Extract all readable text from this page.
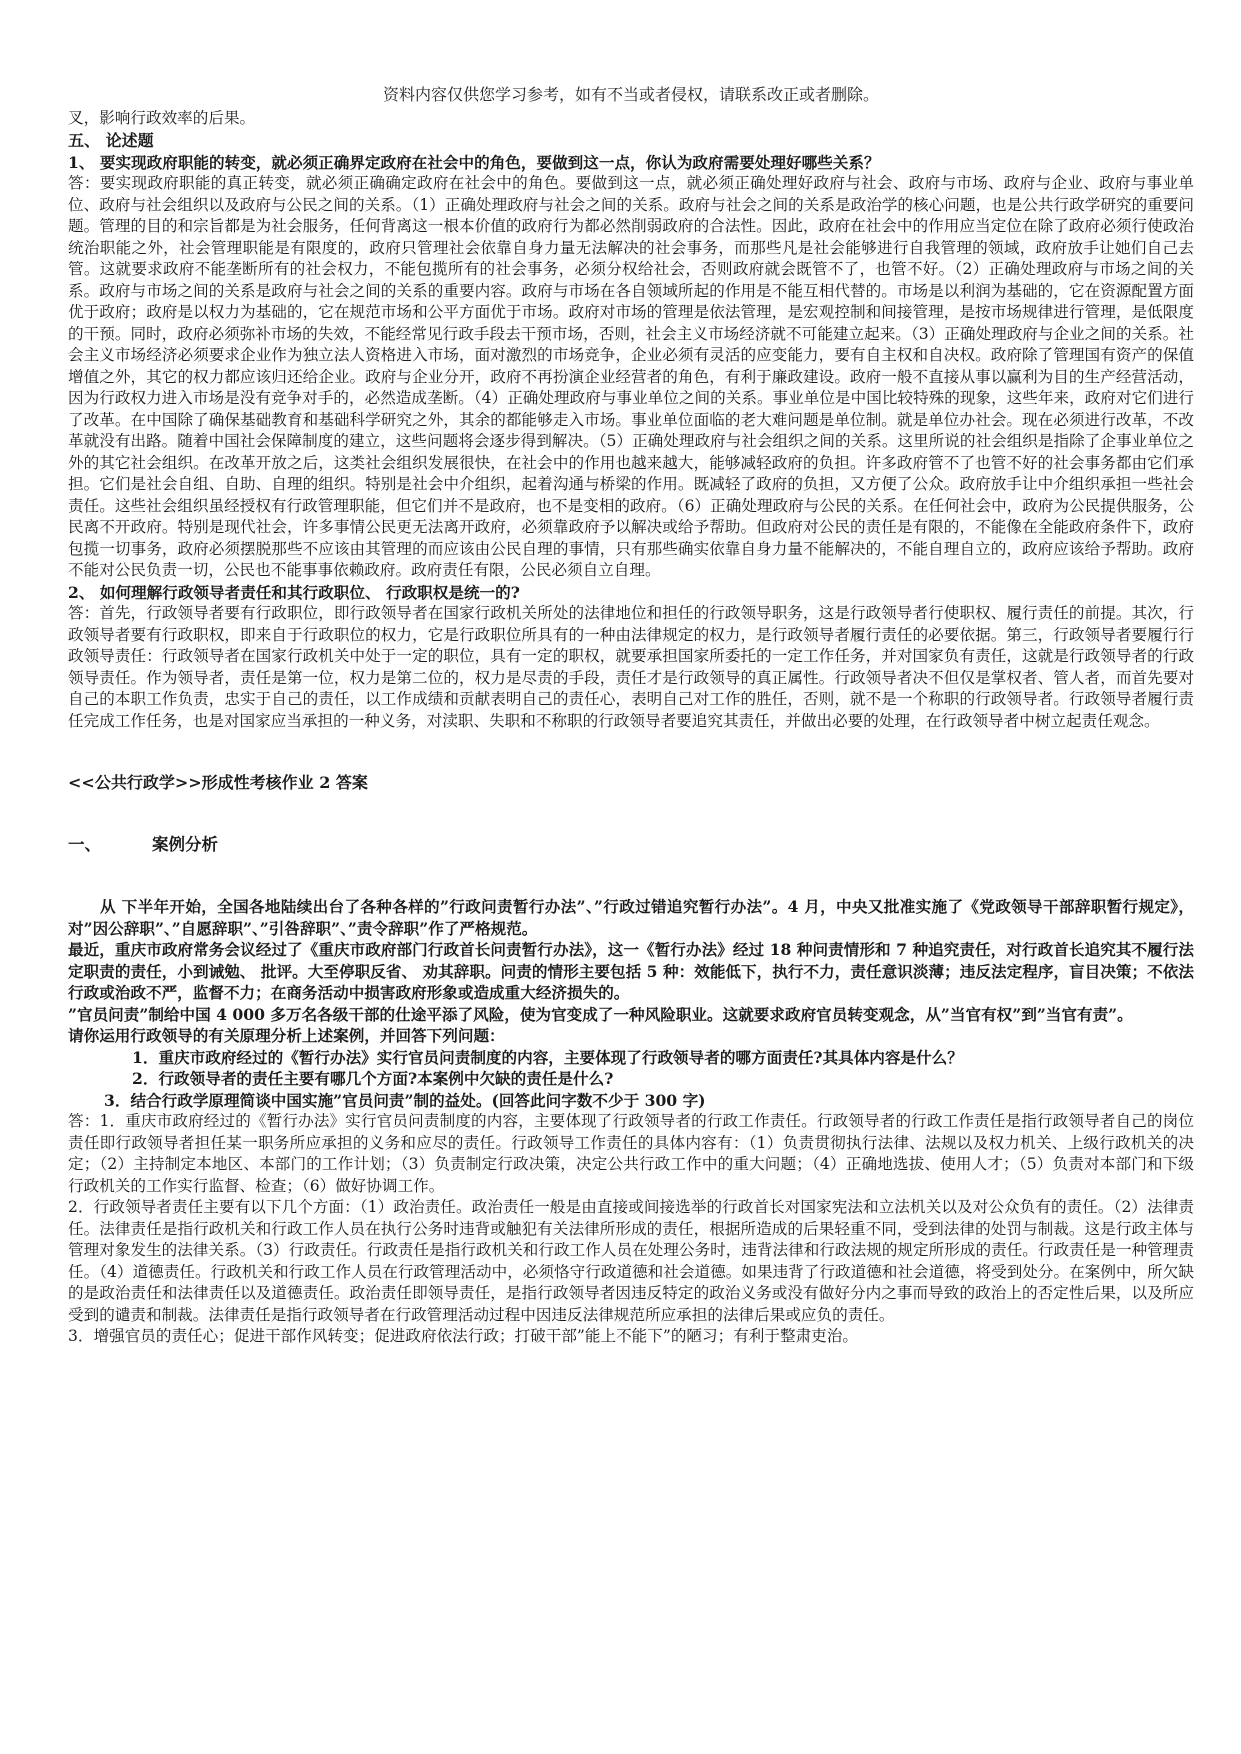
资料内容仅供您学习参考，如有不当或者侵权，请联系改正或者删除。

叉，影响行政效率的后果。

五、 论述题

1、 要实现政府职能的转变，就必须正确界定政府在社会中的角色，要做到这一点，你认为政府需要处理好哪些关系？

答：要实现政府职能的真正转变，就必须正确确定政府在社会中的角色。要做到这一点，就必须正确处理好政府与社会、政府与市场、政府与企业、政府与事业单位、政府与社会组织以及政府与公民之间的关系。（1）正确处理政府与社会之间的关系。政府与社会之间的关系是政治学的核心问题，也是公共行政学研究的重要问题。管理的目的和宗旨都是为社会服务，任何背离这一根本价值的政府行为都必然削弱政府的合法性。因此，政府在社会中的作用应当定位在除了政府必须行使政治统治职能之外，社会管理职能是有限度的，政府只管理社会依靠自身力量无法解决的社会事务，而那些凡是社会能够进行自我管理的领域，政府放手让她们自己去管。这就要求政府不能垄断所有的社会权力，不能包揽所有的社会事务，必须分权给社会，否则政府就会既管不了，也管不好。（2）正确处理政府与市场之间的关系。政府与市场之间的关系是政府与社会之间的关系的重要内容。政府与市场在各自领域所起的作用是不能互相代替的。市场是以利润为基础的，它在资源配置方面优于政府；政府是以权力为基础的，它在规范市场和公平方面优于市场。政府对市场的管理是依法管理，是宏观控制和间接管理，是按市场规律进行管理，是低限度的干预。同时，政府必须弥补市场的失效，不能经常见行政手段去干预市场，否则，社会主义市场经济就不可能建立起来。（3）正确处理政府与企业之间的关系。社会主义市场经济必须要求企业作为独立法人资格进入市场，面对激烈的市场竞争，企业必须有灵活的应变能力，要有自主权和自决权。政府除了管理国有资产的保值增值之外，其它的权力都应该归还给企业。政府与企业分开，政府不再扮演企业经营者的角色，有利于廉政建设。政府一般不直接从事以赢利为目的生产经营活动，因为行政权力进入市场是没有竞争对手的，必然造成垄断。（4）正确处理政府与事业单位之间的关系。事业单位是中国比较特殊的现象，这些年来，政府对它们进行了改革。在中国除了确保基础教育和基础科学研究之外，其余的都能够走入市场。事业单位面临的老大难问题是单位制。就是单位办社会。现在必须进行改革，不改革就没有出路。随着中国社会保障制度的建立，这些问题将会逐步得到解决。（5）正确处理政府与社会组织之间的关系。这里所说的社会组织是指除了企事业单位之外的其它社会组织。在改革开放之后，这类社会组织发展很快，在社会中的作用也越来越大，能够减轻政府的负担。许多政府管不了也管不好的社会事务都由它们承担。它们是社会自组、自助、自理的组织。特别是社会中介组织，起着沟通与桥梁的作用。既减轻了政府的负担，又方便了公众。政府放手让中介组织承担一些社会责任。这些社会组织虽经授权有行政管理职能，但它们并不是政府，也不是变相的政府。（6）正确处理政府与公民的关系。在任何社会中，政府为公民提供服务，公民离不开政府。特别是现代社会，许多事情公民更无法离开政府，必须靠政府予以解决或给予帮助。但政府对公民的责任是有限的，不能像在全能政府条件下，政府包揽一切事务，政府必须摆脱那些不应该由其管理的而应该由公民自理的事情，只有那些确实依靠自身力量不能解决的，不能自理自立的，政府应该给予帮助。政府不能对公民负责一切，公民也不能事事依赖政府。政府责任有限，公民必须自立自理。

2、 如何理解行政领导者责任和其行政职位、 行政职权是统一的?

答：首先，行政领导者要有行政职位，即行政领导者在国家行政机关所处的法律地位和担任的行政领导职务，这是行政领导者行使职权、履行责任的前提。其次，行政领导者要有行政职权，即来自于行政职位的权力，它是行政职位所具有的一种由法律规定的权力，是行政领导者履行责任的必要依据。第三，行政领导者要履行行政领导责任：行政领导者在国家行政机关中处于一定的职位，具有一定的职权，就要承担国家所委托的一定工作任务，并对国家负有责任，这就是行政领导者的行政领导责任。作为领导者，责任是第一位，权力是第二位的，权力是尽责的手段，责任才是行政领导的真正属性。行政领导者决不但仅是掌权者、管人者，而首先要对自己的本职工作负责，忠实于自己的责任，以工作成绩和贡献表明自己的责任心，表明自己对工作的胜任，否则，就不是一个称职的行政领导者。行政领导者履行责任完成工作任务，也是对国家应当承担的一种义务，对渎职、失职和不称职的行政领导者要追究其责任，并做出必要的处理，在行政领导者中树立起责任观念。

<<公共行政学>>形成性考核作业 2 答案

一、	案例分析

从 下半年开始，全国各地陆续出台了各种各样的”行政问责暂行办法”、”行政过错追究暂行办法”。4 月，中央又批准实施了《党政领导干部辞职暂行规定》，对”因公辞职”、”自愿辞职”、”引咎辞职”、”责令辞职”作了严格规范。

最近，重庆市政府常务会议经过了《重庆市政府部门行政首长问责暂行办法》，这一《暂行办法》经过 18 种问责情形和 7 种追究责任，对行政首长追究其不履行法定职责的责任，小到诫勉、 批评。大至停职反省、 劝其辞职。问责的情形主要包括 5 种：效能低下，执行不力，责任意识淡薄；违反法定程序，盲目决策；不依法行政或治政不严，监督不力；在商务活动中损害政府形象或造成重大经济损失的。

”官员问责”制给中国 4 000 多万名各级干部的仕途平添了风险，使为官变成了一种风险职业。这就要求政府官员转变观念，从”当官有权”到”当官有责”。

请你运用行政领导的有关原理分析上述案例，并回答下列问题：

1．重庆市政府经过的《暂行办法》实行官员问责制度的内容，主要体现了行政领导者的哪方面责任?其具体内容是什么？

2．行政领导者的责任主要有哪几个方面?本案例中欠缺的责任是什么?

3．结合行政学原理简谈中国实施”官员问责”制的益处。(回答此问字数不少于 300 字)

答：1．重庆市政府经过的《暂行办法》实行官员问责制度的内容，主要体现了行政领导者的行政工作责任。行政领导者的行政工作责任是指行政领导者自己的岗位责任即行政领导者担任某一职务所应承担的义务和应尽的责任。行政领导工作责任的具体内容有：（1）负责贯彻执行法律、法规以及权力机关、上级行政机关的决定；（2）主持制定本地区、本部门的工作计划；（3）负责制定行政决策，决定公共行政工作中的重大问题；（4）正确地选拔、使用人才；（5）负责对本部门和下级行政机关的工作实行监督、检查；（6）做好协调工作。

2．行政领导者责任主要有以下几个方面：（1）政治责任。政治责任一般是由直接或间接选举的行政首长对国家宪法和立法机关以及对公众负有的责任。（2）法律责任。法律责任是指行政机关和行政工作人员在执行公务时违背或触犯有关法律所形成的责任，根据所造成的后果轻重不同，受到法律的处罚与制裁。这是行政主体与管理对象发生的法律关系。（3）行政责任。行政责任是指行政机关和行政工作人员在处理公务时，违背法律和行政法规的规定所形成的责任。行政责任是一种管理责任。（4）道德责任。行政机关和行政工作人员在行政管理活动中，必须恪守行政道德和社会道德。如果违背了行政道德和社会道德，将受到处分。在案例中，所欠缺的是政治责任和法律责任以及道德责任。政治责任即领导责任，是指行政领导者因违反特定的政治义务或没有做好分内之事而导致的政治上的否定性后果，以及所应受到的谴责和制裁。法律责任是指行政领导者在行政管理活动过程中因违反法律规范所应承担的法律后果或应负的责任。

3．增强官员的责任心；促进干部作风转变；促进政府依法行政；打破干部”能上不能下”的陋习；有利于整肃吏治。
